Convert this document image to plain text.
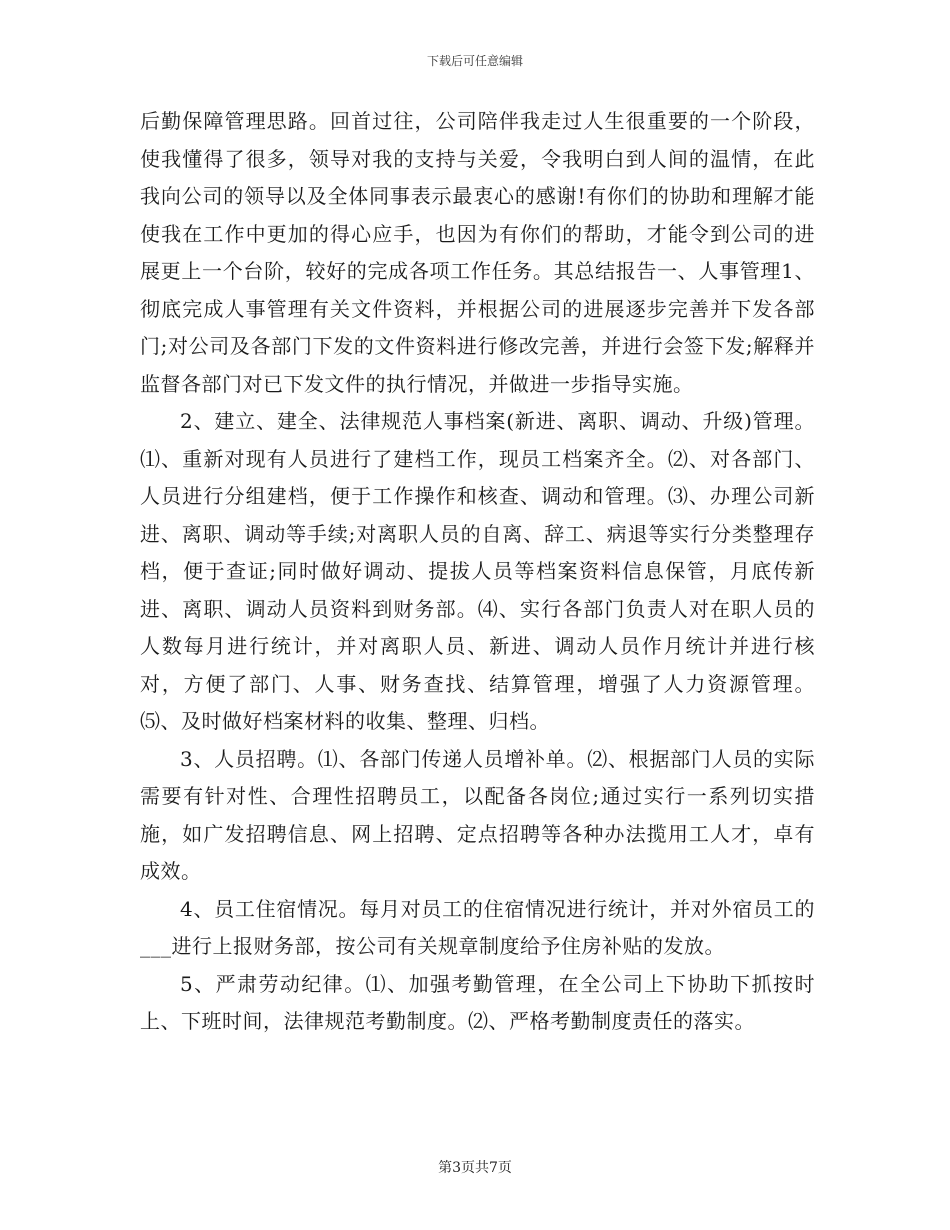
下载后可任意编辑

后勤保障管理思路。回首过往，公司陪伴我走过人生很重要的一个阶段，使我懂得了很多，领导对我的支持与关爱，令我明白到人间的温情，在此我向公司的领导以及全体同事表示最衷心的感谢!有你们的协助和理解才能使我在工作中更加的得心应手，也因为有你们的帮助，才能令到公司的进展更上一个台阶，较好的完成各项工作任务。其总结报告一、人事管理1、彻底完成人事管理有关文件资料，并根据公司的进展逐步完善并下发各部门;对公司及各部门下发的文件资料进行修改完善，并进行会签下发;解释并监督各部门对已下发文件的执行情况，并做进一步指导实施。

2、建立、建全、法律规范人事档案(新进、离职、调动、升级)管理。⑴、重新对现有人员进行了建档工作，现员工档案齐全。⑵、对各部门、人员进行分组建档，便于工作操作和核查、调动和管理。⑶、办理公司新进、离职、调动等手续;对离职人员的自离、辞工、病退等实行分类整理存档，便于查证;同时做好调动、提拔人员等档案资料信息保管，月底传新进、离职、调动人员资料到财务部。⑷、实行各部门负责人对在职人员的人数每月进行统计，并对离职人员、新进、调动人员作月统计并进行核对，方便了部门、人事、财务查找、结算管理，增强了人力资源管理。⑸、及时做好档案材料的收集、整理、归档。

3、人员招聘。⑴、各部门传递人员增补单。⑵、根据部门人员的实际需要有针对性、合理性招聘员工，以配备各岗位;通过实行一系列切实措施，如广发招聘信息、网上招聘、定点招聘等各种办法揽用工人才，卓有成效。

4、员工住宿情况。每月对员工的住宿情况进行统计，并对外宿员工的___进行上报财务部，按公司有关规章制度给予住房补贴的发放。

5、严肃劳动纪律。⑴、加强考勤管理，在全公司上下协助下抓按时上、下班时间，法律规范考勤制度。⑵、严格考勤制度责任的落实。

第3页共7页
